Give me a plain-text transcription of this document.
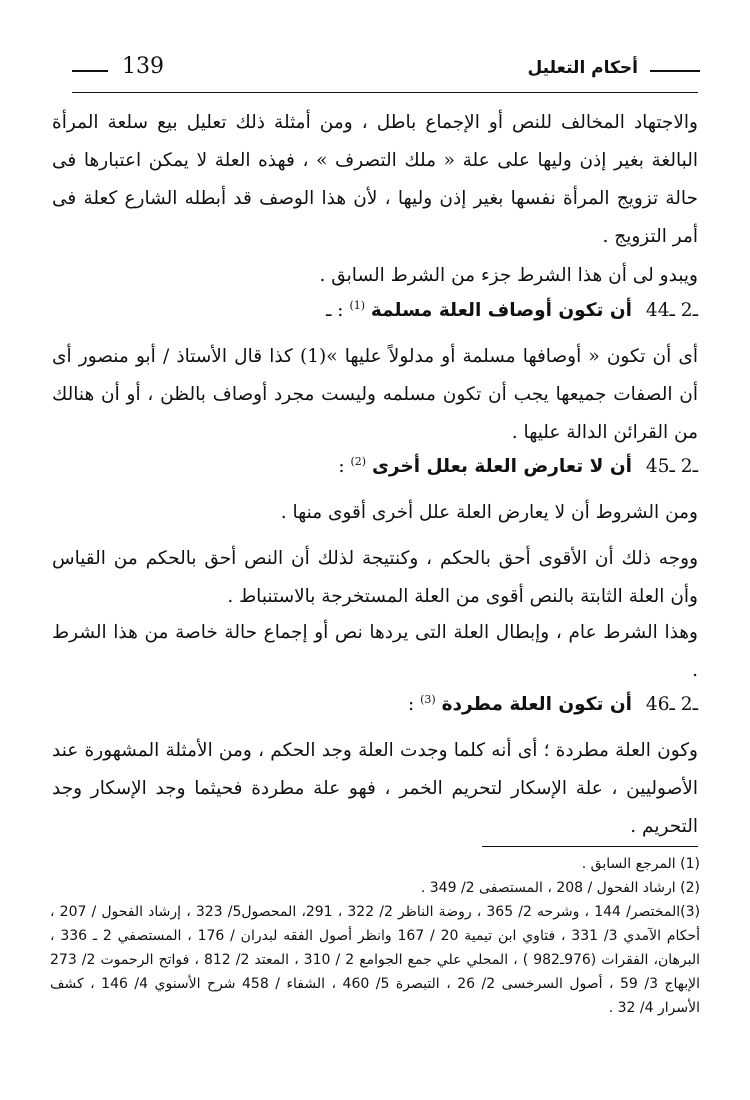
أحكام التعليل
139
والاجتهاد المخالف للنص أو الإجماع باطل ، ومن أمثلة ذلك تعليل بيع سلعة المرأة البالغة بغير إذن وليها على علة « ملك التصرف » ، فهذه العلة لا يمكن اعتبارها فى حالة تزويج المرأة نفسها بغير إذن وليها ، لأن هذا الوصف قد أبطله الشارع كعلة فى أمر التزويج .
ويبدو لى أن هذا الشرط جزء من الشرط السابق .
4ـ2 ـ4 أن تكون أوصاف العلة مسلمة $^{(1)}$ : ـ
أى أن تكون « أوصافها مسلمة أو مدلولاً عليها »(1) كذا قال الأستاذ / أبو منصور أى أن الصفات جميعها يجب أن تكون مسلمه وليست مجرد أوصاف بالظن ، أو أن هنالك من القرائن الدالة عليها .
4ـ2 ـ5 أن لا تعارض العلة بعلل أخرى $^{(2)}$ :
ومن الشروط أن لا يعارض العلة علل أخرى أقوى منها .
ووجه ذلك أن الأقوى أحق بالحكم ، وكنتيجة لذلك أن النص أحق بالحكم من القياس وأن العلة الثابتة بالنص أقوى من العلة المستخرجة بالاستنباط .
وهذا الشرط عام ، وإبطال العلة التى يردها نص أو إجماع حالة خاصة من هذا الشرط .
4ـ2 ـ6 أن تكون العلة مطردة $^{(3)}$ :
وكون العلة مطردة ؛ أى أنه كلما وجدت العلة وجد الحكم ، ومن الأمثلة المشهورة عند الأصوليين ، علة الإسكار لتحريم الخمر ، فهو علة مطردة فحيثما وجد الإسكار وجد التحريم .

(1) المرجع السابق .

(2) ارشاد الفحول / 208 ، المستصفى 2/ 349 .

(3)المختصر/ 144 ، وشرحه 2/ 365 ، روضة الناظر 2/ 322 ، 291، المحصول5/ 323 ، إرشاد الفحول / 207 ، أحكام الآمدي 3/ 331 ، فتاوي ابن تيمية 20 / 167 وانظر أصول الفقه لبدران / 176 ، المستصفي 2 ـ 336 ، البرهان، الفقرات (976ـ982 ) ، المحلي علي جمع الجوامع 2 / 310 ، المعتد 2/ 812 ، فواتح الرحموت 2/ 273 الإبهاج 3/ 59 ، أصول السرخسى 2/ 26 ، التبصرة 5/ 460 ، الشفاء / 458 شرح الأسنوي 4/ 146 ، كشف الأسرار 4/ 32 .
